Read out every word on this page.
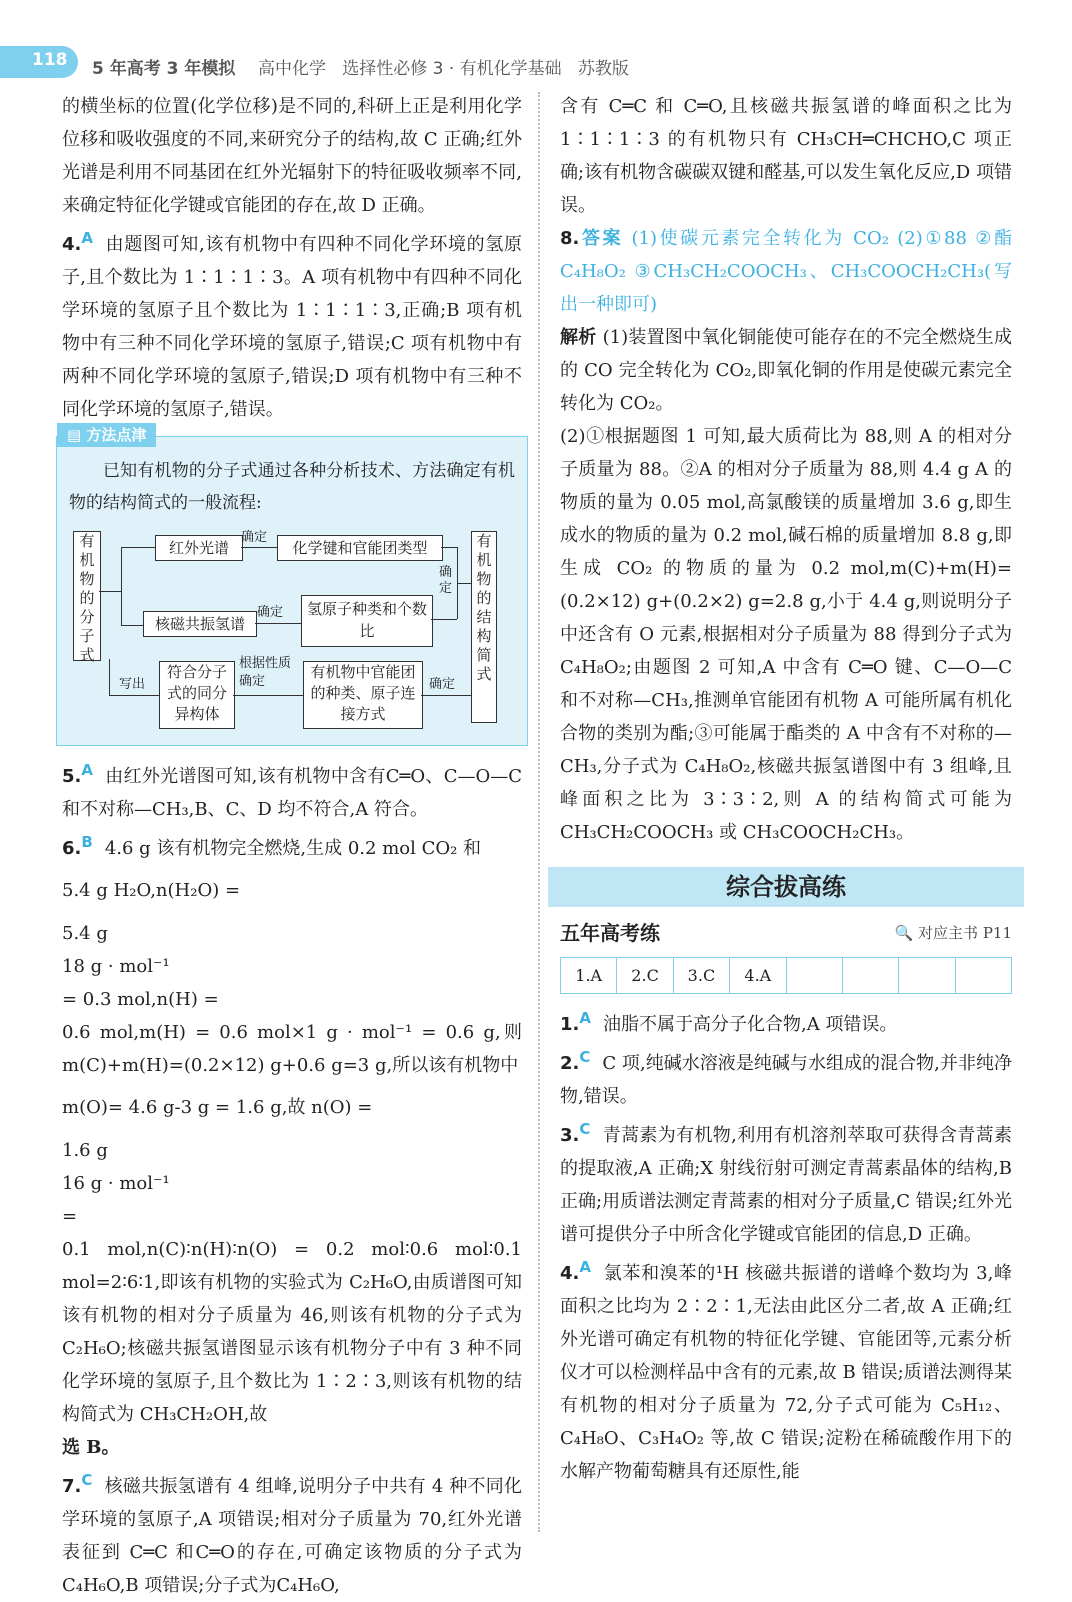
118 5 年高考 3 年模拟 高中化学   选择性必修 3 · 有机化学基础   苏教版

的横坐标的位置(化学位移)是不同的,科研上正是利用化学位移和吸收强度的不同,来研究分子的结构,故 C 正确;红外光谱是利用不同基团在红外光辐射下的特征吸收频率不同,来确定特征化学键或官能团的存在,故 D 正确。

4.$^A$ 由题图可知,该有机物中有四种不同化学环境的氢原子,且个数比为 1∶1∶1∶3。A 项有机物中有四种不同化学环境的氢原子且个数比为 1∶1∶1∶3,正确;B 项有机物中有三种不同化学环境的氢原子,错误;C 项有机物中有两种不同化学环境的氢原子,错误;D 项有机物中有三种不同化学环境的氢原子,错误。

▤ 方法点津

已知有机物的分子式通过各种分析技术、方法确定有机物的结构简式的一般流程:

有机物的分子式
红外光谱
核磁共振氢谱
确定
化学键和官能团类型
确定	氢原子种类和个数比
确定
有机物的结构简式
写出
符合分子式的同分异构体
根据性质确定
有机物中官能团的种类、原子连接方式
确定

5.$^A$ 由红外光谱图可知,该有机物中含有C═O、C—O—C和不对称—CH₃,B、C、D 均不符合,A 符合。

6.$^B$ 4.6 g 该有机物完全燃烧,生成 0.2 mol CO₂ 和

5.4 g H₂O,n(H₂O) =

5.4 g
18 g · mol⁻¹
= 0.3 mol,n(H) =

0.6 mol,m(H) = 0.6 mol×1 g · mol⁻¹ = 0.6 g,则m(C)+m(H)=(0.2×12) g+0.6 g=3 g,所以该有机物中

m(O)= 4.6 g-3 g = 1.6 g,故 n(O) =

1.6 g
16 g · mol⁻¹
=

0.1 mol,n(C)∶n(H)∶n(O) = 0.2 mol∶0.6 mol∶0.1 mol=2∶6∶1,即该有机物的实验式为 C₂H₆O,由质谱图可知该有机物的相对分子质量为 46,则该有机物的分子式为 C₂H₆O;核磁共振氢谱图显示该有机物分子中有 3 种不同化学环境的氢原子,且个数比为 1∶2∶3,则该有机物的结构简式为 CH₃CH₂OH,故

选 B。

7.$^C$ 核磁共振氢谱有 4 组峰,说明分子中共有 4 种不同化学环境的氢原子,A 项错误;相对分子质量为 70,红外光谱表征到 C═C 和C═O的存在,可确定该物质的分子式为 C₄H₆O,B 项错误;分子式为C₄H₆O,

含有 C═C 和 C═O,且核磁共振氢谱的峰面积之比为 1∶1∶1∶3 的有机物只有 CH₃CH═CHCHO,C 项正确;该有机物含碳碳双键和醛基,可以发生氧化反应,D 项错误。

8.答案 (1)使碳元素完全转化为 CO₂ (2)①88 ②酯 C₄H₈O₂ ③CH₃CH₂COOCH₃、CH₃COOCH₂CH₃(写出一种即可)

解析 (1)装置图中氧化铜能使可能存在的不完全燃烧生成的 CO 完全转化为 CO₂,即氧化铜的作用是使碳元素完全转化为 CO₂。

(2)①根据题图 1 可知,最大质荷比为 88,则 A 的相对分子质量为 88。②A 的相对分子质量为 88,则 4.4 g A 的物质的量为 0.05 mol,高氯酸镁的质量增加 3.6 g,即生成水的物质的量为 0.2 mol,碱石棉的质量增加 8.8 g,即生成 CO₂ 的物质的量为 0.2 mol,m(C)+m(H)=(0.2×12) g+(0.2×2) g=2.8 g,小于 4.4 g,则说明分子中还含有 O 元素,根据相对分子质量为 88 得到分子式为 C₄H₈O₂;由题图 2 可知,A 中含有 C═O 键、C—O—C 和不对称—CH₃,推测单官能团有机物 A 可能所属有机化合物的类别为酯;③可能属于酯类的 A 中含有不对称的—CH₃,分子式为 C₄H₈O₂,核磁共振氢谱图中有 3 组峰,且峰面积之比为 3∶3∶2,则 A 的结构简式可能为 CH₃CH₂COOCH₃ 或 CH₃COOCH₂CH₃。

综合拔高练
五年高考练	🔍 对应主书 P11
1.A	2.C	3.C	4.A				

1.$^A$ 油脂不属于高分子化合物,A 项错误。

2.$^C$ C 项,纯碱水溶液是纯碱与水组成的混合物,并非纯净物,错误。

3.$^C$ 青蒿素为有机物,利用有机溶剂萃取可获得含青蒿素的提取液,A 正确;X 射线衍射可测定青蒿素晶体的结构,B 正确;用质谱法测定青蒿素的相对分子质量,C 错误;红外光谱可提供分子中所含化学键或官能团的信息,D 正确。

4.$^A$ 氯苯和溴苯的¹H 核磁共振谱的谱峰个数均为 3,峰面积之比均为 2∶2∶1,无法由此区分二者,故 A 正确;红外光谱可确定有机物的特征化学键、官能团等,元素分析仪才可以检测样品中含有的元素,故 B 错误;质谱法测得某有机物的相对分子质量为 72,分子式可能为 C₅H₁₂、C₄H₈O、C₃H₄O₂ 等,故 C 错误;淀粉在稀硫酸作用下的水解产物葡萄糖具有还原性,能
